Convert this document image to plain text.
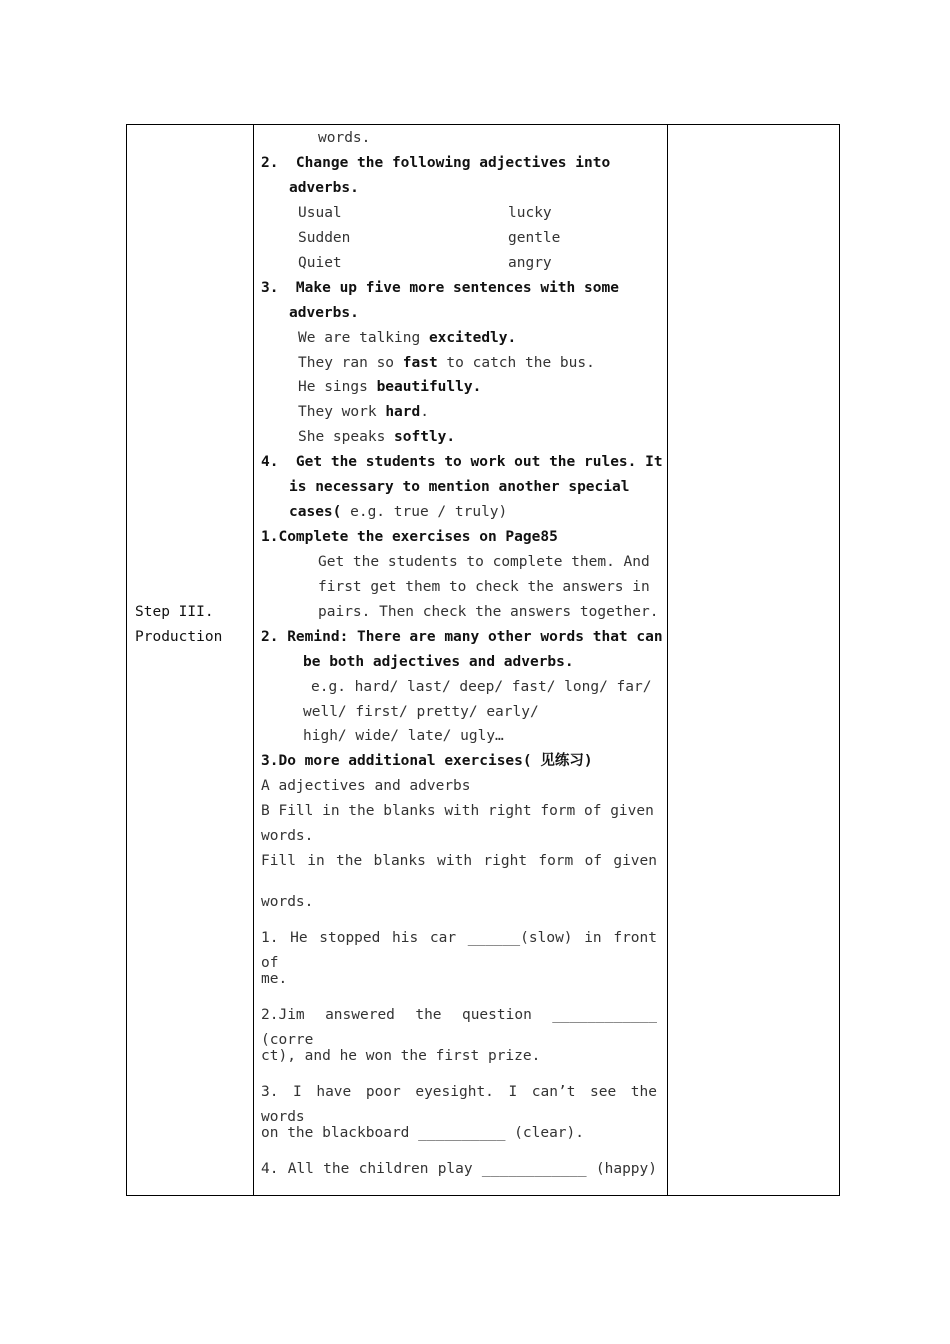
Step III.
Production
words.
2.  Change the following adjectives into
adverbs.
Usual	lucky
Sudden	gentle
Quiet	angry
3.  Make up five more sentences with some
adverbs.
We are talking excitedly.
They ran so fast to catch the bus.
He sings beautifully.
They work hard.
She speaks softly.
4.  Get the students to work out the rules. It
is necessary to mention another special
cases( e.g. true / truly)
1.Complete the exercises on Page85
Get the students to complete them. And
first get them to check the answers in
pairs. Then check the answers together.
2. Remind: There are many other words that can
be both adjectives and adverbs.
e.g. hard/ last/ deep/ fast/ long/ far/
well/ first/ pretty/ early/
high/ wide/ late/ ugly…
3.Do more additional exercises( 见练习)
A adjectives and adverbs
B Fill in the blanks with right form of given
words.
Fill in the blanks with right form of given
words.
1. He stopped his car ______(slow) in front of
me.
2.Jim answered the question ____________ (corre
ct), and he won the first prize.
3. I have poor eyesight. I can’t see the words
on the blackboard __________ (clear).
4. All the children play ____________ (happy)
